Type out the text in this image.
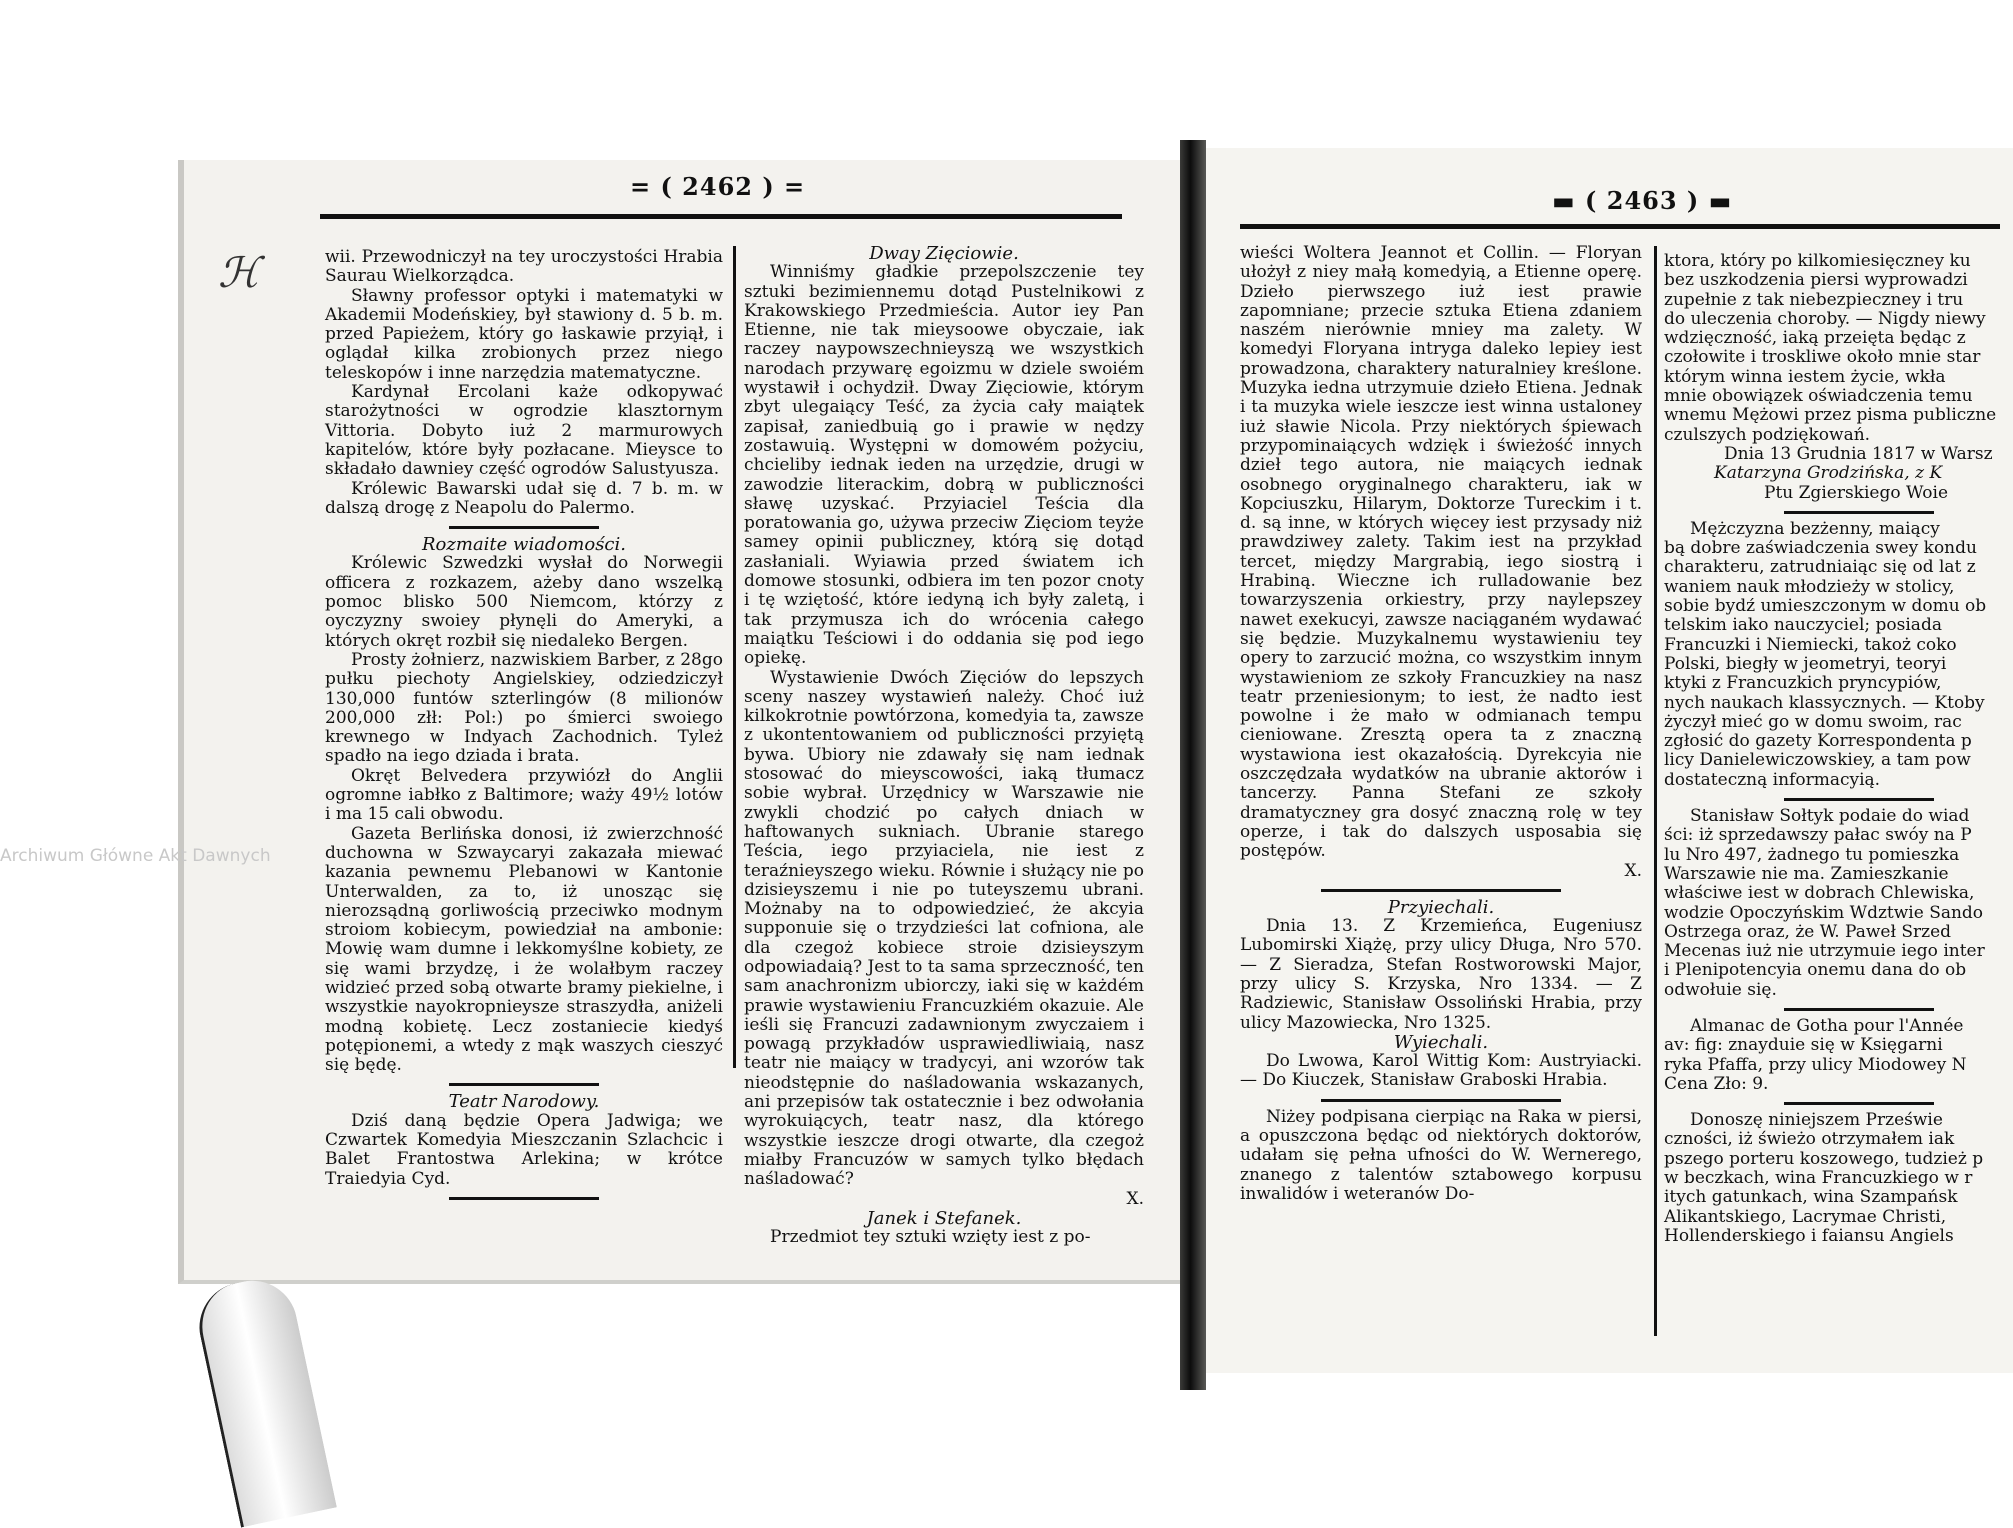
ℋ
= ( 2462 ) =	▬ ( 2463 ) ▬

wii. Przewodniczył na tey uroczystości Hrabia Saurau Wielkorządca.

Sławny professor optyki i matematyki w Akademii Modeńskiey, był stawiony d. 5 b. m. przed Papieżem, który go łaskawie przyiął, i oglądał kilka zrobionych przez niego teleskopów i inne narzędzia matematyczne.

Kardynał Ercolani każe odkopywać starożytności w ogrodzie klasztornym Vittoria. Dobyto iuż 2 marmurowych kapitelów, które były pozłacane. Mieysce to składało dawniey część ogrodów Salustyusza.

Królewic Bawarski udał się d. 7 b. m. w dalszą drogę z Neapolu do Palermo.

Rozmaite wiadomości.

Królewic Szwedzki wysłał do Norwegii officera z rozkazem, ażeby dano wszelką pomoc blisko 500 Niemcom, którzy z oyczyzny swoiey płynęli do Ameryki, a których okręt rozbił się niedaleko Bergen.

Prosty żołnierz, nazwiskiem Barber, z 28go pułku piechoty Angielskiey, odziedziczył 130,000 funtów szterlingów (8 milionów 200,000 złł: Pol:) po śmierci swoiego krewnego w Indyach Zachodnich. Tyleż spadło na iego dziada i brata.

Okręt Belvedera przywiózł do Anglii ogromne iabłko z Baltimore; waży 49½ lotów i ma 15 cali obwodu.

Gazeta Berlińska donosi, iż zwierzchność duchowna w Szwaycaryi zakazała miewać kazania pewnemu Plebanowi w Kantonie Unterwalden, za to, iż unosząc się nierozsądną gorliwością przeciwko modnym stroiom kobiecym, powiedział na ambonie: Mowię wam dumne i lekkomyślne kobiety, ze się wami brzydzę, i że wolałbym raczey widzieć przed sobą otwarte bramy piekielne, i wszystkie nayokropnieysze straszydła, aniżeli modną kobietę. Lecz zostaniecie kiedyś potępionemi, a wtedy z mąk waszych cieszyć się będę.

Teatr Narodowy.

Dziś daną będzie Opera Jadwiga; we Czwartek Komedyia Mieszczanin Szlachcic i Balet Frantostwa Arlekina; w krótce Traiedyia Cyd.

Dway Zięciowie.

Winniśmy gładkie przepolszczenie tey sztuki bezimiennemu dotąd Pustelnikowi z Krakowskiego Przedmieścia. Autor iey Pan Etienne, nie tak mieysoowe obyczaie, iak raczey naypowszechnieyszą we wszystkich narodach przywarę egoizmu w dziele swoiém wystawił i ochydził. Dway Zięciowie, którym zbyt ulegaiący Teść, za życia cały maiątek zapisał, zaniedbuią go i prawie w nędzy zostawuią. Występni w domowém pożyciu, chcieliby iednak ieden na urzędzie, drugi w zawodzie literackim, dobrą w publiczności sławę uzyskać. Przyiaciel Teścia dla poratowania go, używa przeciw Zięciom teyże samey opinii publiczney, którą się dotąd zasłaniali. Wyiawia przed światem ich domowe stosunki, odbiera im ten pozor cnoty i tę wziętość, które iedyną ich były zaletą, i tak przymusza ich do wrócenia całego maiątku Teściowi i do oddania się pod iego opiekę.

Wystawienie Dwóch Zięciów do lepszych sceny naszey wystawień należy. Choć iuż kilkokrotnie powtórzona, komedyia ta, zawsze z ukontentowaniem od publiczności przyiętą bywa. Ubiory nie zdawały się nam iednak stosować do mieyscowości, iaką tłumacz sobie wybrał. Urzędnicy w Warszawie nie zwykli chodzić po całych dniach w haftowanych sukniach. Ubranie starego Teścia, iego przyiaciela, nie iest z teraźnieyszego wieku. Równie i służący nie po dzisieyszemu i nie po tuteyszemu ubrani. Możnaby na to odpowiedzieć, że akcyia supponuie się o trzydzieści lat cofniona, ale dla czegoż kobiece stroie dzisieyszym odpowiadaią? Jest to ta sama sprzeczność, ten sam anachronizm ubiorczy, iaki się w każdém prawie wystawieniu Francuzkiém okazuie. Ale ieśli się Francuzi zadawnionym zwyczaiem i powagą przykładów usprawiedliwiaią, nasz teatr nie maiący w tradycyi, ani wzorów tak nieodstępnie do naśladowania wskazanych, ani przepisów tak ostatecznie i bez odwołania wyrokuiących, teatr nasz, dla którego wszystkie ieszcze drogi otwarte, dla czegoż miałby Francuzów w samych tylko błędach naśladować?

X.

Janek i Stefanek.

Przedmiot tey sztuki wzięty iest z po-

wieści Woltera Jeannot et Collin. — Floryan ułożył z niey małą komedyią, a Etienne operę. Dzieło pierwszego iuż iest prawie zapomniane; przecie sztuka Etiena zdaniem naszém nierównie mniey ma zalety. W komedyi Floryana intryga daleko lepiey iest prowadzona, charaktery naturalniey kreślone. Muzyka iedna utrzymuie dzieło Etiena. Jednak i ta muzyka wiele ieszcze iest winna ustaloney iuż sławie Nicola. Przy niektórych śpiewach przypominaiących wdzięk i świeżość innych dzieł tego autora, nie maiących iednak osobnego oryginalnego charakteru, iak w Kopciuszku, Hilarym, Doktorze Tureckim i t. d. są inne, w których więcey iest przysady niż prawdziwey zalety. Takim iest na przykład tercet, między Margrabią, iego siostrą i Hrabiną. Wieczne ich rulladowanie bez towarzyszenia orkiestry, przy naylepszey nawet exekucyi, zawsze naciąganém wydawać się będzie. Muzykalnemu wystawieniu tey opery to zarzucić można, co wszystkim innym wystawieniom ze szkoły Francuzkiey na nasz teatr przeniesionym; to iest, że nadto iest powolne i że mało w odmianach tempu cieniowane. Zresztą opera ta z znaczną wystawiona iest okazałością. Dyrekcyia nie oszczędzała wydatków na ubranie aktorów i tancerzy. Panna Stefani ze szkoły dramatyczney gra dosyć znaczną rolę w tey operze, i tak do dalszych usposabia się postępów.

X.

Przyiechali.

Dnia 13. Z Krzemieńca, Eugeniusz Lubomirski Xiążę, przy ulicy Długa, Nro 570. — Z Sieradza, Stefan Rostworowski Major, przy ulicy S. Krzyska, Nro 1334. — Z Radziewic, Stanisław Ossoliński Hrabia, przy ulicy Mazowiecka, Nro 1325.

Wyiechali.

Do Lwowa, Karol Wittig Kom: Austryiacki. — Do Kiuczek, Stanisław Graboski Hrabia.

Niżey podpisana cierpiąc na Raka w piersi, a opuszczona będąc od niektórych doktorów, udałam się pełna ufności do W. Wernerego, znanego z talentów sztabowego korpusu inwalidów i weteranów Do-

ktora, który po kilkomiesięczney ku
bez uszkodzenia piersi wyprowadzi
zupełnie z tak niebezpieczney i tru
do uleczenia choroby. — Nigdy niewy
wdzięczność, iaką przeięta będąc z
czołowite i troskliwe około mnie star
którym winna iestem życie, wkła
mnie obowiązek oświadczenia temu
wnemu Mężowi przez pisma publiczne
czulszych podziękowań.
Dnia 13 Grudnia 1817 w Warsz
Katarzyna Grodzińska, z K
Ptu Zgierskiego Woie
Mężczyzna bezżenny, maiący
bą dobre zaświadczenia swey kondu
charakteru, zatrudniaiąc się od lat z
waniem nauk młodzieży w stolicy,
sobie bydź umieszczonym w domu ob
telskim iako nauczyciel; posiada
Francuzki i Niemiecki, takoż coko
Polski, biegły w jeometryi, teoryi
ktyki z Francuzkich pryncypiów,
nych naukach klassycznych. — Ktoby
życzył mieć go w domu swoim, rac
zgłosić do gazety Korrespondenta p
licy Danielewiczowskiey, a tam pow
dostateczną informacyią.
Stanisław Sołtyk podaie do wiad
ści: iż sprzedawszy pałac swóy na P
lu Nro 497, żadnego tu pomieszka
Warszawie nie ma. Zamieszkanie
właściwe iest w dobrach Chlewiska,
wodzie Opoczyńskim Wdztwie Sando
Ostrzega oraz, że W. Paweł Srzed
Mecenas iuż nie utrzymuie iego inter
i Plenipotencyia onemu dana do ob
odwołuie się.
Almanac de Gotha pour l'Année
av: fig: znayduie się w Księgarni
ryka Pfaffa, przy ulicy Miodowey N
Cena Zło: 9.
Donoszę niniejszem Prześwie
czności, iż świeżo otrzymałem iak
pszego porteru koszowego, tudzież p
w beczkach, wina Francuzkiego w r
itych gatunkach, wina Szampańsk
Alikantskiego, Lacrymae Christi,
Hollenderskiego i faiansu Angiels
Archiwum Główne Akt Dawnych
